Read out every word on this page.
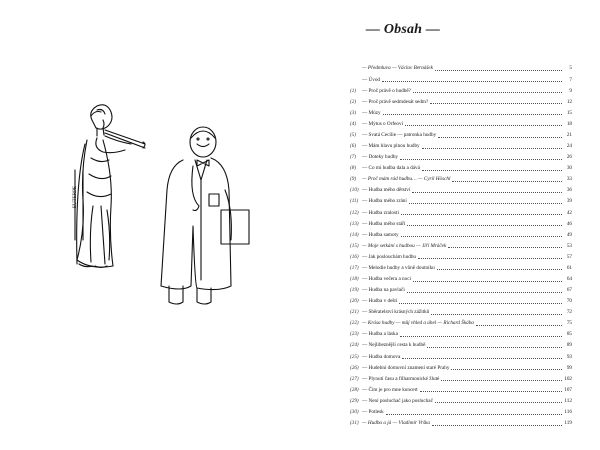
EUTERPE
— Obsah —
— Předmluva — Václav Bernášek	5
— Úvod	7
(1)	— Proč právě o hudbě?	9
(2)	— Proč právě sedmdesát sedm?	12
(3)	— Múzy	15
(4)	— Mýtus o Orfeovi	18
(5)	— Svatá Cecílie — patronka hudby	21
(6)	— Mám hlavu plnou hudby	24
(7)	— Doteky hudby	26
(8)	— Co mi hudba dala a dává	30
(9)	— Proč mám rád hudbu… — Cyril Höschl	33
(10) — Hudba mého dětství	36
(11) — Hudba mého zrání	39
(12) — Hudba zralosti	42
(13) — Hudba mého stáří	46
(14) — Hudba samoty	49
(15) — Moje setkání s hudbou — Jiří Mráček	53
(16) — Jak poslouchám hudbu	57
(17) — Melodie hudby a vůně doutníku	61
(18) — Hudba večera a noci	64
(19) — Hudba na pavlači	67
(20) — Hudba v dešti	70
(21) — Sběratelství krásných zážitků	72
(22) — Krása hudby — můj vhled a úhel — Richard Škába	75
(23) — Hudba a láska	85
(24) — Nejlibeznější cesta k hudbě	89
(25) — Hudba domova	93
(26) — Hudební domovní znamení staré Prahy	99
(27) — Plynutí času a filharmonické žluté	102
(28) — Čím je pro mne koncert	107
(29) — Není posluchač jako posluchač	112
(30) — Potlesk	116
(31) — Hudba a já — Vladimír Vrška	119
